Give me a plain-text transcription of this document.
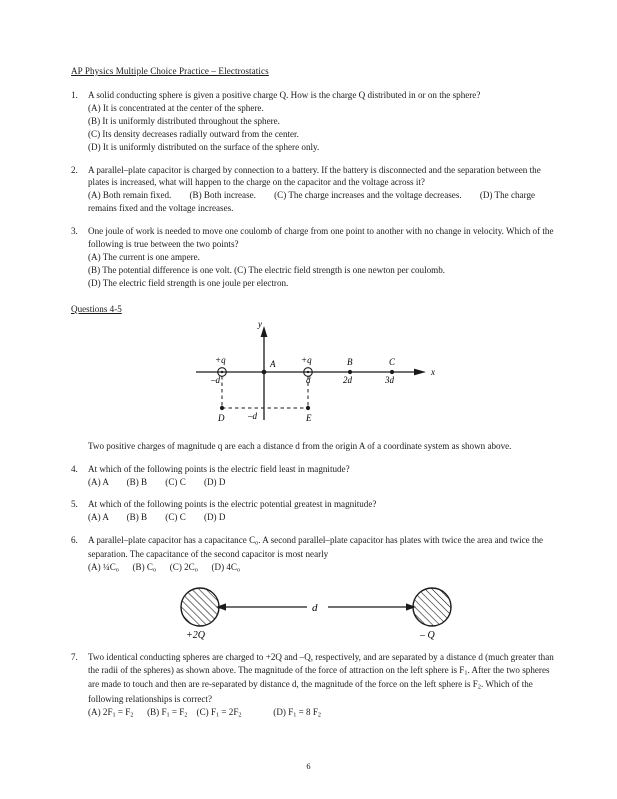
AP Physics Multiple Choice Practice – Electrostatics
1.	A solid conducting sphere is given a positive charge Q. How is the charge Q distributed in or on the sphere?

(A) It is concentrated at the center of the sphere.

(B) It is uniformly distributed throughout the sphere.

(C) Its density decreases radially outward from the center.

(D) It is uniformly distributed on the surface of the sphere only.

2.	A parallel–plate capacitor is charged by connection to a battery. If the battery is disconnected and the separation between the plates is increased, what will happen to the charge on the capacitor and the voltage across it?

(A) Both remain fixed.        (B) Both increase.        (C) The charge increases and the voltage decreases.        (D) The charge remains fixed and the voltage increases.

3.	One joule of work is needed to move one coulomb of charge from one point to another with no change in velocity. Which of the following is true between the two points?

(A) The current is one ampere.

(B) The potential difference is one volt. (C) The electric field strength is one newton per coulomb.

(D) The electric field strength is one joule per electron.

Questions 4-5
x
y
A
+q
–d
+q
d
B
2d
C
3d
D	E
–d

Two positive charges of magnitude q are each a distance d from the origin A of a coordinate system as shown above.

4.	At which of the following points is the electric field least in magnitude?

(A) A        (B) B        (C) C        (D) D

5.	At which of the following points is the electric potential greatest in magnitude?

(A) A        (B) B        (C) C        (D) D

6.	A parallel–plate capacitor has a capacitance $C_o$. A second parallel–plate capacitor has plates with twice the area and twice the separation. The capacitance of the second capacitor is most nearly

(A) $\frac{1}{4}C_o$      (B) $C_o$      (C) $2C_o$      (D) $4C_o$

+2Q	– Q
d
7.	Two identical conducting spheres are charged to +2Q and –Q, respectively, and are separated by a distance d (much greater than the radii of the spheres) as shown above. The magnitude of the force of attraction on the left sphere is $F_1$. After the two spheres are made to touch and then are re-separated by distance d, the magnitude of the force on the left sphere is $F_2$. Which of the following relationships is correct?

(A) $2F_1 = F_2$      (B) $F_1 = F_2$    (C) $F_1 = 2F_2$              (D) $F_1 = 8$ $F_2$

6
